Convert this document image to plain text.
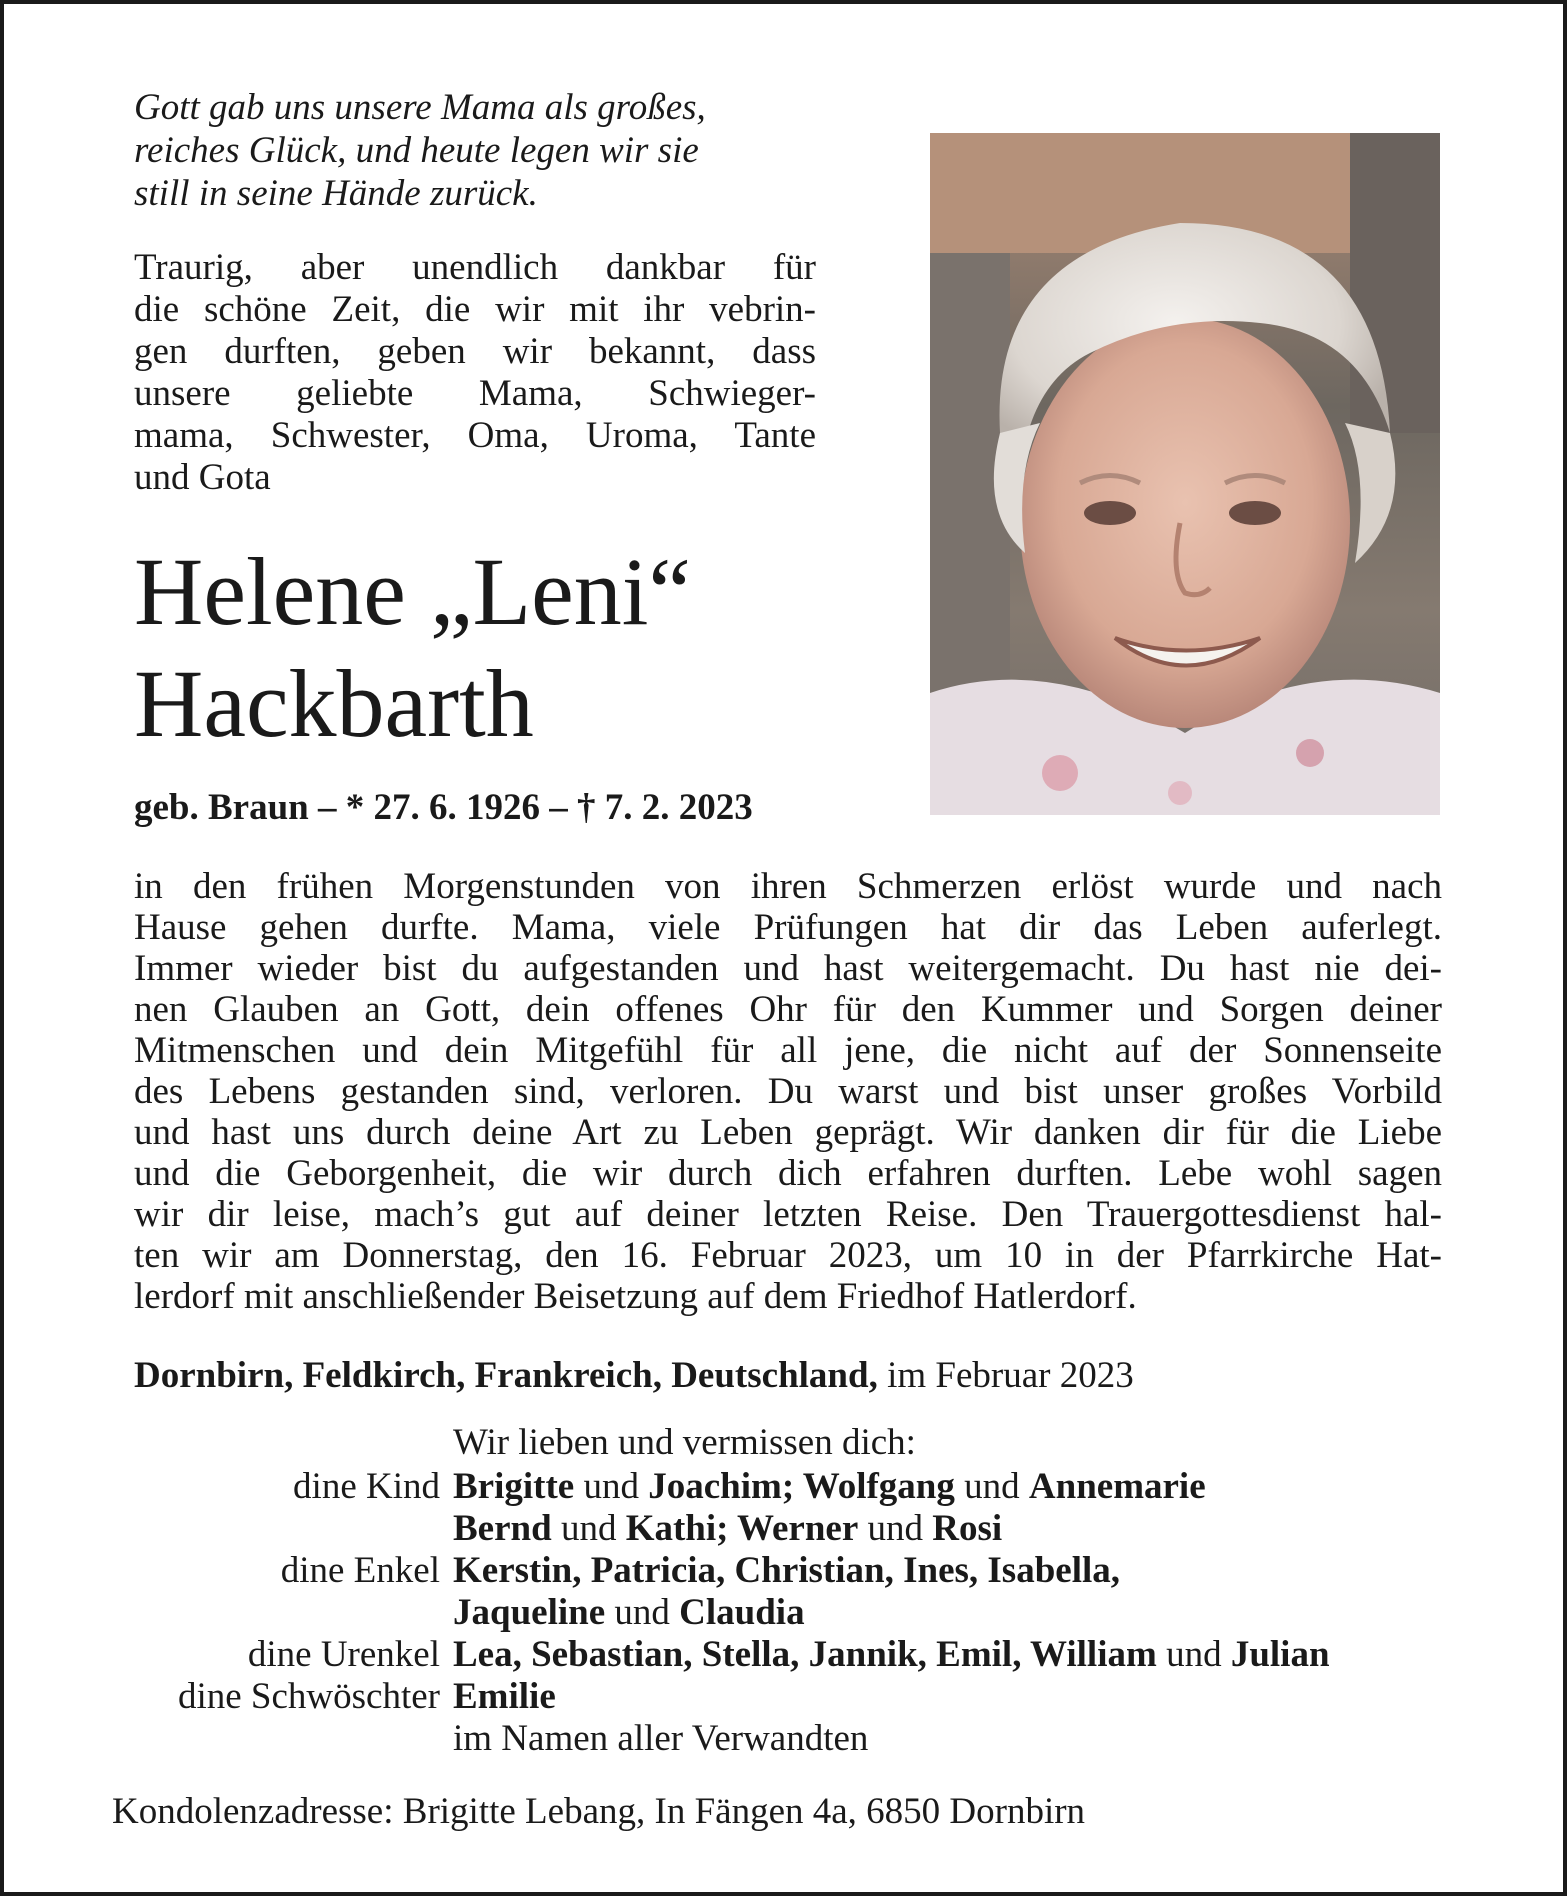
Gott gab uns unsere Mama als großes,
reiches Glück, und heute legen wir sie
still in seine Hände zurück.

Traurig, aber unendlich dankbar für
die schöne Zeit, die wir mit ihr vebrin-
gen durften, geben wir bekannt, dass
unsere geliebte Mama, Schwieger-
mama, Schwester, Oma, Uroma, Tante
und Gota

Helene „Leni“
Hackbarth

geb. Braun – * 27. 6. 1926 – † 7. 2. 2023

in den frühen Morgenstunden von ihren Schmerzen erlöst wurde und nach
Hause gehen durfte. Mama, viele Prüfungen hat dir das Leben auferlegt.
Immer wieder bist du aufgestanden und hast weitergemacht. Du hast nie dei-
nen Glauben an Gott, dein offenes Ohr für den Kummer und Sorgen deiner
Mitmenschen und dein Mitgefühl für all jene, die nicht auf der Sonnenseite
des Lebens gestanden sind, verloren. Du warst und bist unser großes Vorbild
und hast uns durch deine Art zu Leben geprägt. Wir danken dir für die Liebe
und die Geborgenheit, die wir durch dich erfahren durften. Lebe wohl sagen
wir dir leise, mach’s gut auf deiner letzten Reise. Den Trauergottesdienst hal-
ten wir am Donnerstag, den 16. Februar 2023, um 10 in der Pfarrkirche Hat-
lerdorf mit anschließender Beisetzung auf dem Friedhof Hatlerdorf.

Dornbirn, Feldkirch, Frankreich, Deutschland, im Februar 2023

Wir lieben und vermissen dich:

dine Kind Brigitte und Joachim; Wolfgang und Annemarie
Bernd und Kathi; Werner und Rosi
dine Enkel Kerstin, Patricia, Christian, Ines, Isabella,
Jaqueline und Claudia
dine Urenkel Lea, Sebastian, Stella, Jannik, Emil, William und Julian
dine Schwöschter Emilie
im Namen aller Verwandten

Kondolenzadresse: Brigitte Lebang, In Fängen 4a, 6850 Dornbirn
